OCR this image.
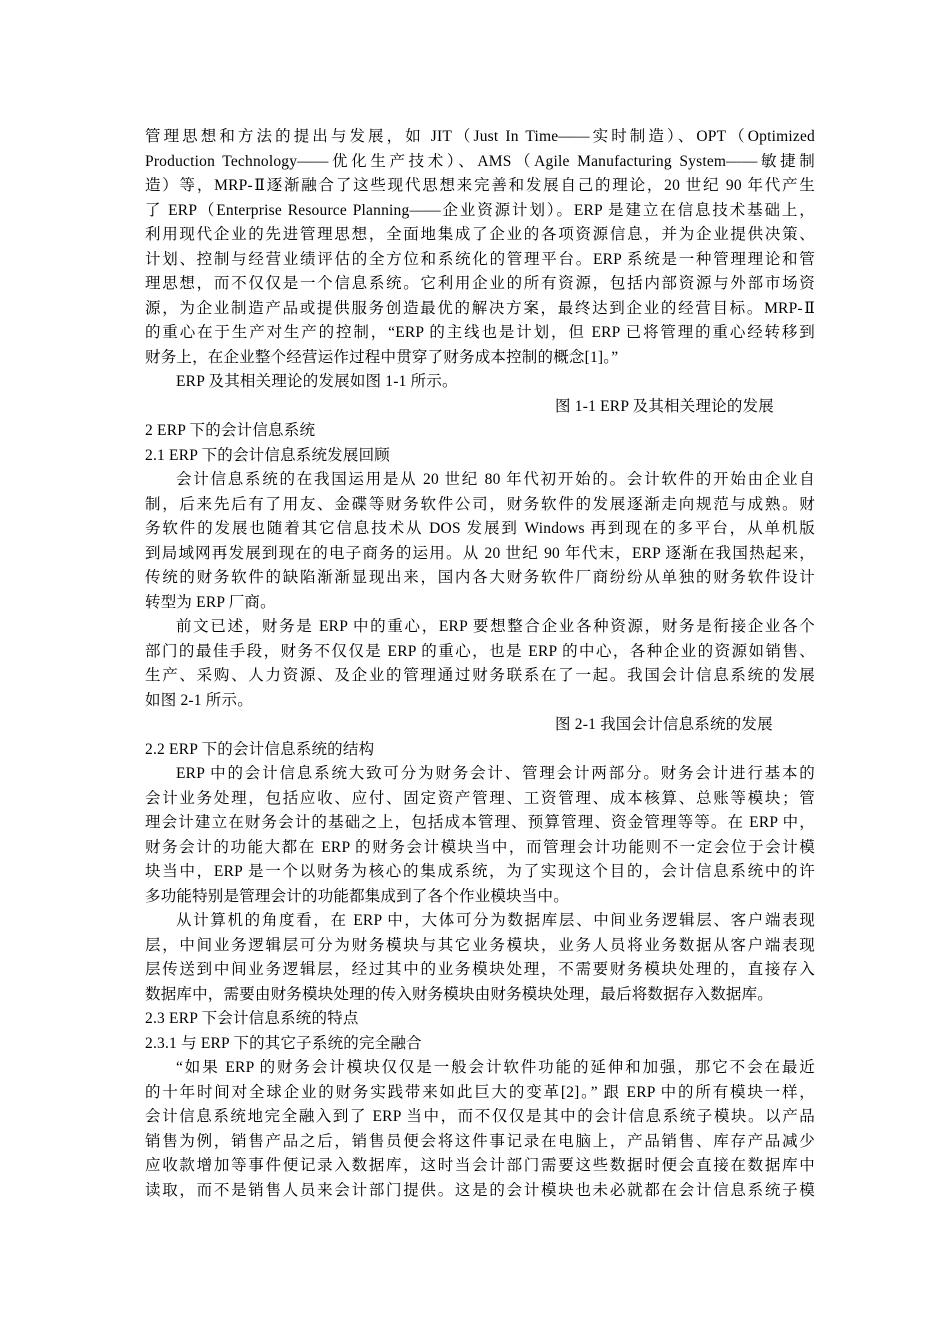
管理思想和方法的提出与发展，如 JIT（Just In Time——实时制造）、OPT（Optimized
Production Technology——优化生产技术）、AMS（Agile Manufacturing System——敏捷制
造）等，MRP-Ⅱ逐渐融合了这些现代思想来完善和发展自己的理论，20 世纪 90 年代产生
了 ERP（Enterprise Resource Planning——企业资源计划）。ERP 是建立在信息技术基础上，
利用现代企业的先进管理思想，全面地集成了企业的各项资源信息，并为企业提供决策、
计划、控制与经营业绩评估的全方位和系统化的管理平台。ERP 系统是一种管理理论和管
理思想，而不仅仅是一个信息系统。它利用企业的所有资源，包括内部资源与外部市场资
源，为企业制造产品或提供服务创造最优的解决方案，最终达到企业的经营目标。MRP-Ⅱ
的重心在于生产对生产的控制，“ERP 的主线也是计划，但 ERP 已将管理的重心经转移到
财务上，在企业整个经营运作过程中贯穿了财务成本控制的概念[1]。”
ERP 及其相关理论的发展如图 1-1 所示。
图 1-1 ERP 及其相关理论的发展
2 ERP 下的会计信息系统
2.1 ERP 下的会计信息系统发展回顾
会计信息系统的在我国运用是从 20 世纪 80 年代初开始的。会计软件的开始由企业自
制，后来先后有了用友、金碟等财务软件公司，财务软件的发展逐渐走向规范与成熟。财
务软件的发展也随着其它信息技术从 DOS 发展到 Windows 再到现在的多平台，从单机版
到局域网再发展到现在的电子商务的运用。从 20 世纪 90 年代末，ERP 逐渐在我国热起来，
传统的财务软件的缺陷渐渐显现出来，国内各大财务软件厂商纷纷从单独的财务软件设计
转型为 ERP 厂商。
前文已述，财务是 ERP 中的重心，ERP 要想整合企业各种资源，财务是衔接企业各个
部门的最佳手段，财务不仅仅是 ERP 的重心，也是 ERP 的中心，各种企业的资源如销售、
生产、采购、人力资源、及企业的管理通过财务联系在了一起。我国会计信息系统的发展
如图 2-1 所示。
图 2-1 我国会计信息系统的发展
2.2 ERP 下的会计信息系统的结构
ERP 中的会计信息系统大致可分为财务会计、管理会计两部分。财务会计进行基本的
会计业务处理，包括应收、应付、固定资产管理、工资管理、成本核算、总账等模块；管
理会计建立在财务会计的基础之上，包括成本管理、预算管理、资金管理等等。在 ERP 中，
财务会计的功能大都在 ERP 的财务会计模块当中，而管理会计功能则不一定会位于会计模
块当中，ERP 是一个以财务为核心的集成系统，为了实现这个目的，会计信息系统中的许
多功能特别是管理会计的功能都集成到了各个作业模块当中。
从计算机的角度看，在 ERP 中，大体可分为数据库层、中间业务逻辑层、客户端表现
层，中间业务逻辑层可分为财务模块与其它业务模块，业务人员将业务数据从客户端表现
层传送到中间业务逻辑层，经过其中的业务模块处理，不需要财务模块处理的，直接存入
数据库中，需要由财务模块处理的传入财务模块由财务模块处理，最后将数据存入数据库。
2.3 ERP 下会计信息系统的特点
2.3.1 与 ERP 下的其它子系统的完全融合
“如果 ERP 的财务会计模块仅仅是一般会计软件功能的延伸和加强，那它不会在最近
的十年时间对全球企业的财务实践带来如此巨大的变革[2]。” 跟 ERP 中的所有模块一样，
会计信息系统地完全融入到了 ERP 当中，而不仅仅是其中的会计信息系统子模块。以产品
销售为例，销售产品之后，销售员便会将这件事记录在电脑上，产品销售、库存产品减少
应收款增加等事件便记录入数据库，这时当会计部门需要这些数据时便会直接在数据库中
读取，而不是销售人员来会计部门提供。这是的会计模块也未必就都在会计信息系统子模
